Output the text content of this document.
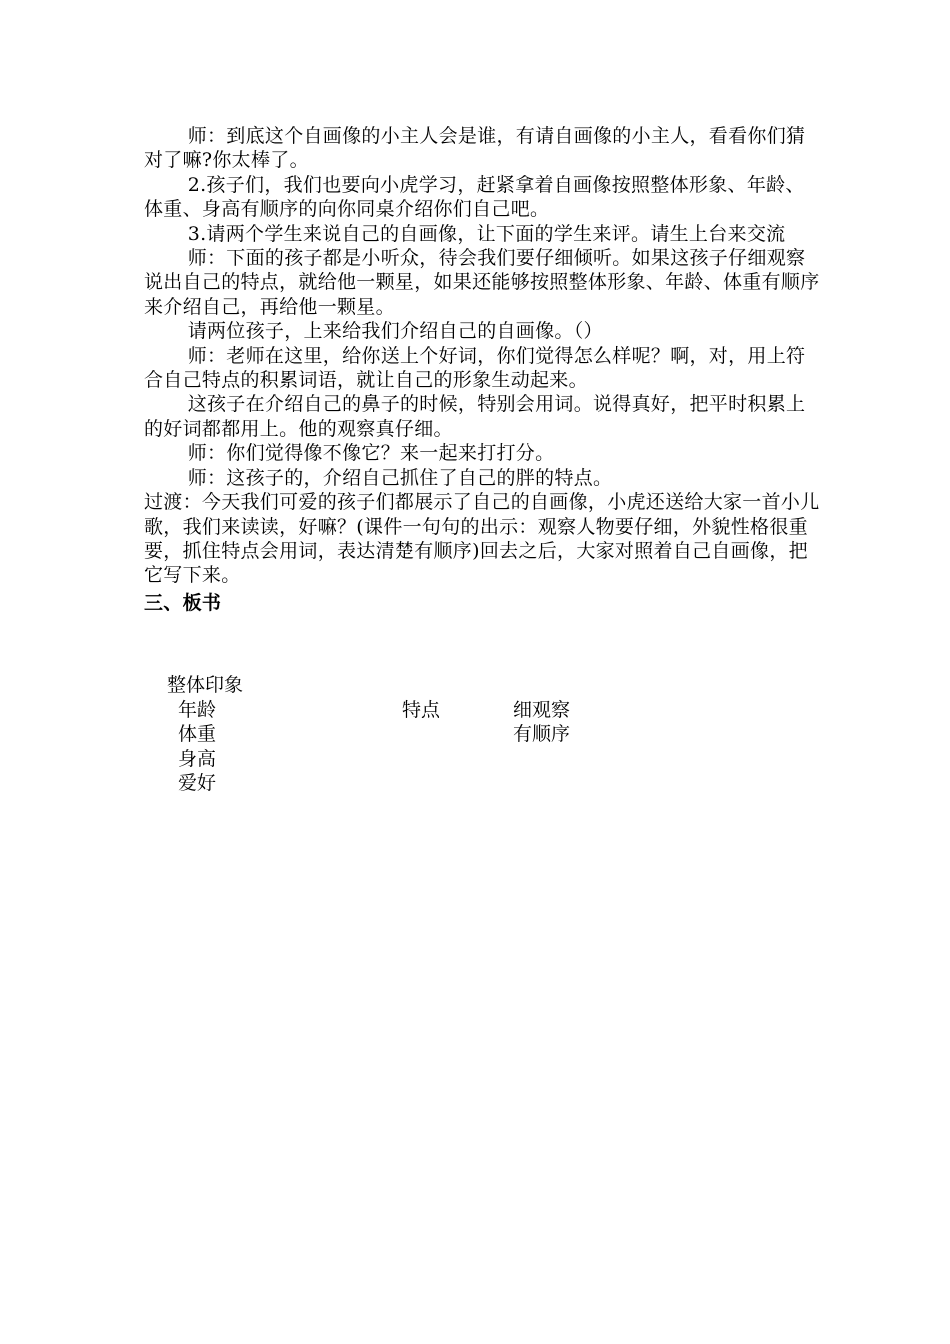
师：到底这个自画像的小主人会是谁，有请自画像的小主人，看看你们猜对了嘛?你太棒了。

2.孩子们，我们也要向小虎学习，赶紧拿着自画像按照整体形象、年龄、体重、身高有顺序的向你同桌介绍你们自己吧。

3.请两个学生来说自己的自画像，让下面的学生来评。请生上台来交流

师：下面的孩子都是小听众，待会我们要仔细倾听。如果这孩子仔细观察说出自己的特点，就给他一颗星，如果还能够按照整体形象、年龄、体重有顺序来介绍自己，再给他一颗星。

请两位孩子，上来给我们介绍自己的自画像。（）

师：老师在这里，给你送上个好词，你们觉得怎么样呢？啊，对，用上符合自己特点的积累词语，就让自己的形象生动起来。

这孩子在介绍自己的鼻子的时候，特别会用词。说得真好，把平时积累上的好词都都用上。他的观察真仔细。

师：你们觉得像不像它？来一起来打打分。

师：这孩子的，介绍自己抓住了自己的胖的特点。

过渡：今天我们可爱的孩子们都展示了自己的自画像，小虎还送给大家一首小儿歌，我们来读读，好嘛？(课件一句句的出示：观察人物要仔细，外貌性格很重要，抓住特点会用词，表达清楚有顺序)回去之后，大家对照着自己自画像，把它写下来。

三、板书

整体印象
年龄
体重
身高
爱好
特点	细观察
有顺序
